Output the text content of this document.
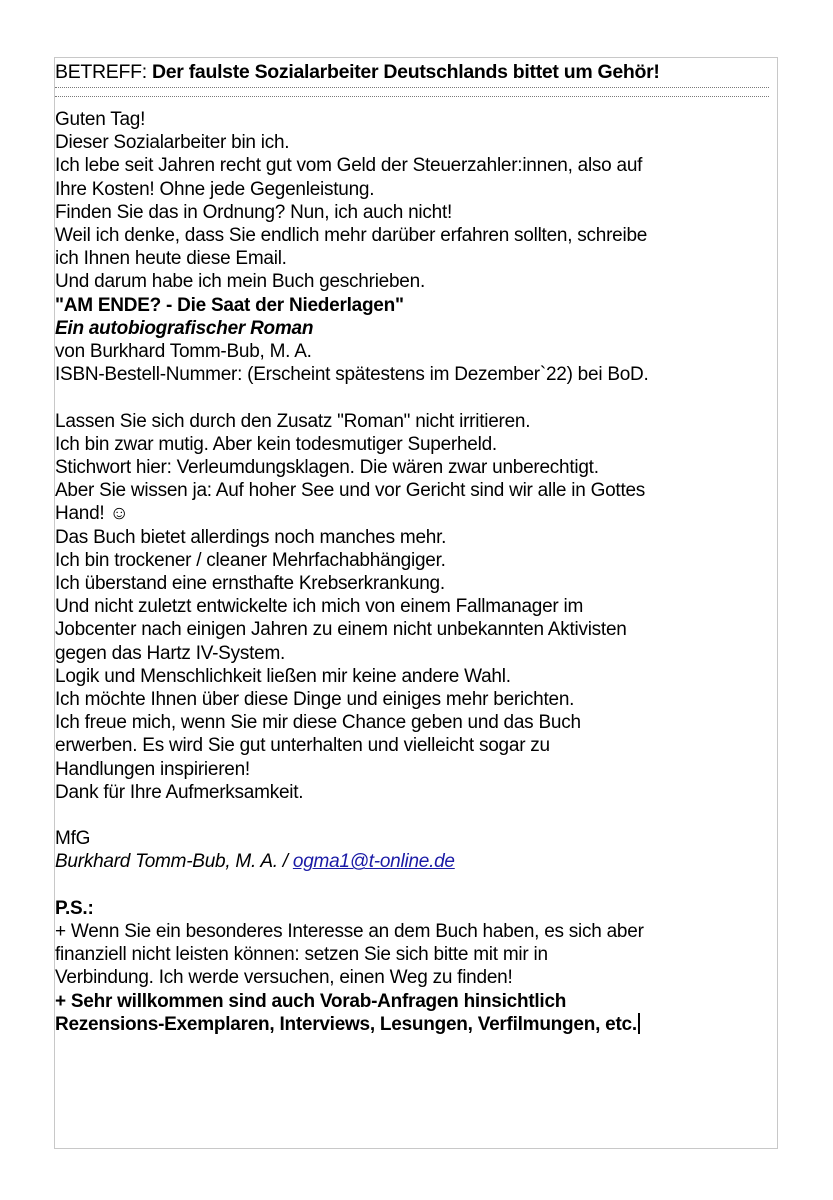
BETREFF: Der faulste Sozialarbeiter Deutschlands bittet um Gehör!
Guten Tag!
Dieser Sozialarbeiter bin ich.
Ich lebe seit Jahren recht gut vom Geld der Steuerzahler:innen, also auf
Ihre Kosten! Ohne jede Gegenleistung.
Finden Sie das in Ordnung? Nun, ich auch nicht!
Weil ich denke, dass Sie endlich mehr darüber erfahren sollten, schreibe
ich Ihnen heute diese Email.
Und darum habe ich mein Buch geschrieben.
"AM ENDE? - Die Saat der Niederlagen"
Ein autobiografischer Roman
von Burkhard Tomm-Bub, M. A.
ISBN-Bestell-Nummer: (Erscheint spätestens im Dezember`22) bei BoD.
Lassen Sie sich durch den Zusatz "Roman" nicht irritieren.
Ich bin zwar mutig. Aber kein todesmutiger Superheld.
Stichwort hier: Verleumdungsklagen. Die wären zwar unberechtigt.
Aber Sie wissen ja: Auf hoher See und vor Gericht sind wir alle in Gottes
Hand! ☺
Das Buch bietet allerdings noch manches mehr.
Ich bin trockener / cleaner Mehrfachabhängiger.
Ich überstand eine ernsthafte Krebserkrankung.
Und nicht zuletzt entwickelte ich mich von einem Fallmanager im
Jobcenter nach einigen Jahren zu einem nicht unbekannten Aktivisten
gegen das Hartz IV-System.
Logik und Menschlichkeit ließen mir keine andere Wahl.
Ich möchte Ihnen über diese Dinge und einiges mehr berichten.
Ich freue mich, wenn Sie mir diese Chance geben und das Buch
erwerben. Es wird Sie gut unterhalten und vielleicht sogar zu
Handlungen inspirieren!
Dank für Ihre Aufmerksamkeit.
MfG
Burkhard Tomm-Bub, M. A. / ogma1@t-online.de
P.S.:
+ Wenn Sie ein besonderes Interesse an dem Buch haben, es sich aber
finanziell nicht leisten können: setzen Sie sich bitte mit mir in
Verbindung. Ich werde versuchen, einen Weg zu finden!
+ Sehr willkommen sind auch Vorab-Anfragen hinsichtlich
Rezensions-Exemplaren, Interviews, Lesungen, Verfilmungen, etc.
